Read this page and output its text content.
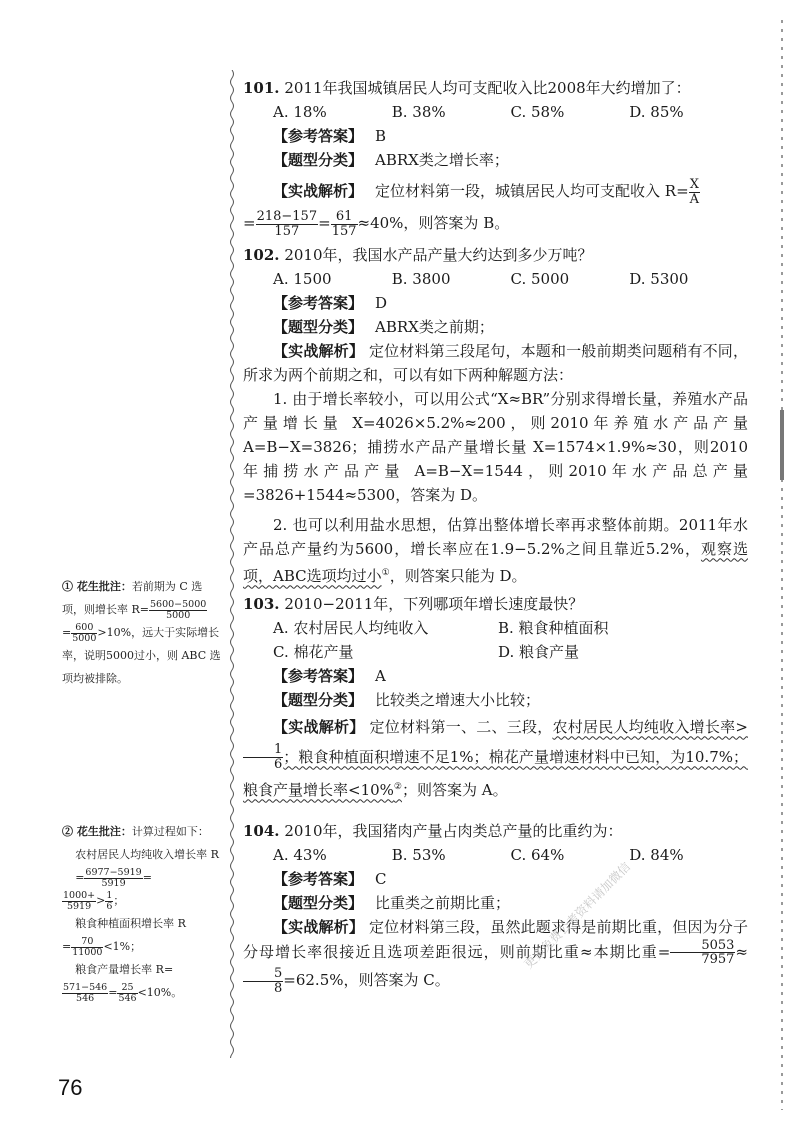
① 花生批注：若前期为 C 选项，则增长率 $R= \frac{5600-5000}{5000}$

= $\frac{600}{5000} >10\%$，远大于实际增长率，说明5000过小，则 ABC 选项均被排除。

② 花生批注：计算过程如下：

农村居民人均纯收入增长率 $R = \frac{6977-5919}{5919}$ =

$\frac{1000+}{5919} > \frac{1}{6}$ ；

粮食种植面积增长率 R

= $\frac{70}{11000} <1\%$；

粮食产量增长率 R=

$\frac{571-546}{546} = \frac{25}{546} <10\%$。

101. 2011年我国城镇居民人均可支配收入比2008年大约增加了：

A. 18%	B. 38%	C. 58%	D. 85%

【参考答案】 B

【题型分类】 ABRX类之增长率；

【实战解析】 定位材料第一段，城镇居民人均可支配收入 $R= \frac{X}{A}$

= $\frac{218-157}{157} = \frac{61}{157} \approx 40\%$，则答案为 B。

102. 2010年，我国水产品产量大约达到多少万吨？

A. 1500	B. 3800	C. 5000	D. 5300

【参考答案】 D

【题型分类】 ABRX类之前期；

【实战解析】 定位材料第三段尾句，本题和一般前期类问题稍有不同，所求为两个前期之和，可以有如下两种解题方法：

1. 由于增长率较小，可以用公式“X≈BR”分别求得增长量，养殖水产品产量增长量 X=4026×5.2%≈200，则2010年养殖水产品产量 A=B−X=3826；捕捞水产品产量增长量 X=1574×1.9%≈30，则2010年捕捞水产品产量 A=B−X=1544，则2010年水产品总产量=3826+1544≈5300，答案为 D。

2. 也可以利用盐水思想，估算出整体增长率再求整体前期。2011年水产品总产量约为5600，增长率应在1.9−5.2%之间且靠近5.2%，观察选项，ABC选项均过小①，则答案只能为 D。

103. 2010−2011年，下列哪项年增长速度最快？

A. 农村居民人均纯收入	B. 粮食种植面积
C. 棉花产量	D. 粮食产量

【参考答案】 A

【题型分类】 比较类之增速大小比较；

【实战解析】 定位材料第一、二、三段，农村居民人均纯收入增长率>
$\frac{1}{6}$ ；粮食种植面积增速不足1%；棉花产量增速材料中已知，为10.7%；粮食产量增长率<10%②；则答案为 A。

104. 2010年，我国猪肉产量占肉类总产量的比重约为：

A. 43%	B. 53%	C. 64%	D. 84%

【参考答案】 C

【题型分类】 比重类之前期比重；

【实战解析】 定位材料第三段，虽然此题求得是前期比重，但因为分子分母增长率很接近且选项差距很远，则前期比重≈本期比重= $\frac{5053}{7957}$ ≈
$\frac{5}{8} =62.5\%$，则答案为 C。

更多免费公考资料请加微信
76
